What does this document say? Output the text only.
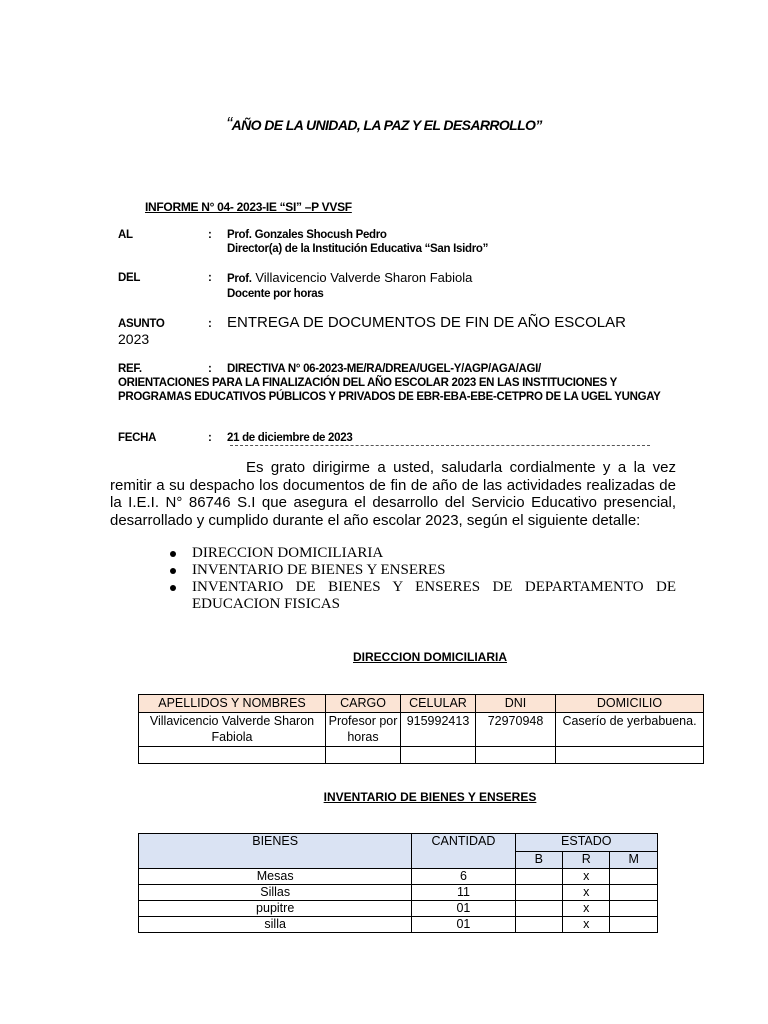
“AÑO DE LA UNIDAD, LA PAZ Y EL DESARROLLO”
INFORME N° 04- 2023-IE “SI” –P VVSF
AL	: Prof. Gonzales Shocush Pedro
Director(a) de la Institución Educativa “San Isidro”
DEL	: Prof. Villavicencio Valverde Sharon Fabiola
Docente por horas
ASUNTO	: ENTREGA DE DOCUMENTOS DE FIN DE AÑO ESCOLAR
2023
REF.	: DIRECTIVA N° 06-2023-ME/RA/DREA/UGEL-Y/AGP/AGA/AGI/
ORIENTACIONES PARA LA FINALIZACIÓN DEL AÑO ESCOLAR 2023 EN LAS INSTITUCIONES Y
PROGRAMAS EDUCATIVOS PÚBLICOS Y PRIVADOS DE EBR-EBA-EBE-CETPRO DE LA UGEL YUNGAY
FECHA	: 21 de diciembre de 2023
Es grato dirigirme a usted, saludarla cordialmente y a la vez remitir a su despacho los documentos de fin de año de las actividades realizadas de la I.E.I. N° 86746 S.I que asegura el desarrollo del Servicio Educativo presencial, desarrollado y cumplido durante el año escolar 2023, según el siguiente detalle:
DIRECCION DOMICILIARIA
INVENTARIO DE BIENES Y ENSERES
INVENTARIO DE BIENES Y ENSERES DE DEPARTAMENTO DE EDUCACION FISICAS
DIRECCION DOMICILIARIA
APELLIDOS Y NOMBRES	CARGO	CELULAR	DNI	DOMICILIO
Villavicencio Valverde Sharon Fabiola	Profesor por horas	915992413	72970948	Caserío de yerbabuena.

INVENTARIO DE BIENES Y ENSERES
BIENES	CANTIDAD	ESTADO		
		B	R	M
Mesas	6		x	
Sillas	11		x	
pupitre	01		x	
silla	01		x	
